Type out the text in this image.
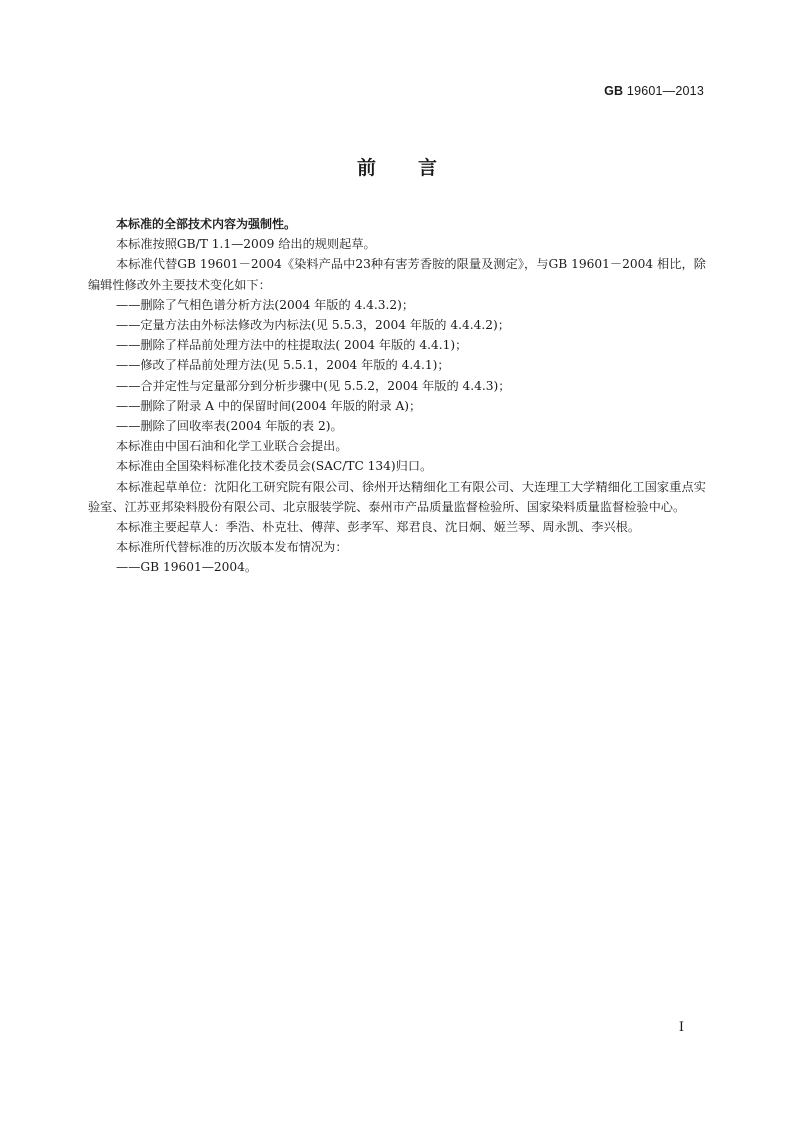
GB 19601—2013
前 言

本标准的全部技术内容为强制性。

本标准按照GB/T 1.1—2009 给出的规则起草。

本标准代替GB 19601－2004《染料产品中23种有害芳香胺的限量及测定》，与GB 19601－2004 相比，除编辑性修改外主要技术变化如下：

——删除了气相色谱分析方法(2004 年版的 4.4.3.2)；

——定量方法由外标法修改为内标法(见 5.5.3，2004 年版的 4.4.4.2)；

——删除了样品前处理方法中的柱提取法( 2004 年版的 4.4.1)；

——修改了样品前处理方法(见 5.5.1，2004 年版的 4.4.1)；

——合并定性与定量部分到分析步骤中(见 5.5.2，2004 年版的 4.4.3)；

——删除了附录 A 中的保留时间(2004 年版的附录 A)；

——删除了回收率表(2004 年版的表 2)。

本标准由中国石油和化学工业联合会提出。

本标准由全国染料标准化技术委员会(SAC/TC 134)归口。

本标准起草单位：沈阳化工研究院有限公司、徐州开达精细化工有限公司、大连理工大学精细化工国家重点实验室、江苏亚邦染料股份有限公司、北京服装学院、泰州市产品质量监督检验所、国家染料质量监督检验中心。

本标准主要起草人：季浩、朴克壮、傅萍、彭孝军、郑君良、沈日炯、姬兰琴、周永凯、李兴根。

本标准所代替标准的历次版本发布情况为：

——GB 19601—2004。

I
